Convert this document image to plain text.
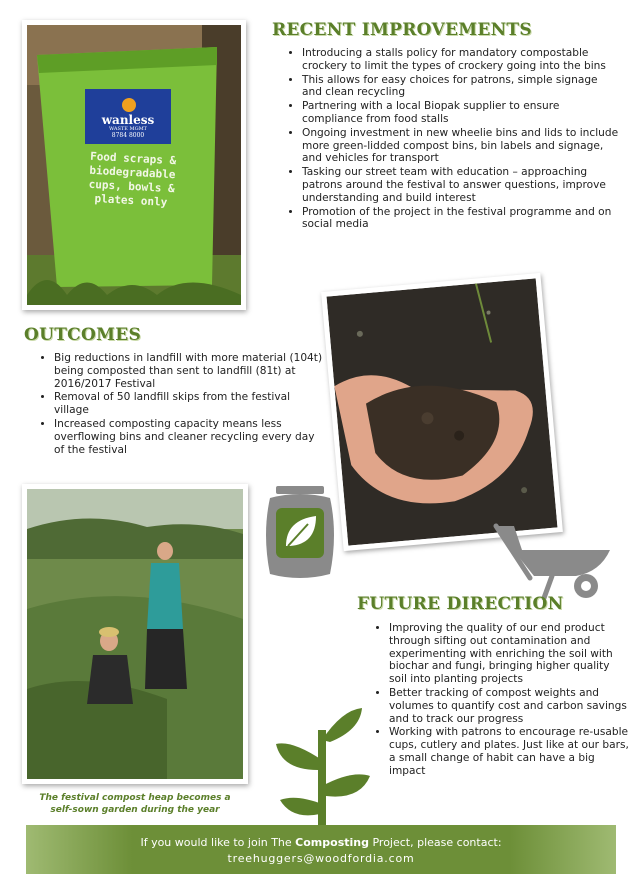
wanless
WASTE MGMT
8784 8000
Food scraps &
biodegradable
cups, bowls &
plates only
RECENT IMPROVEMENTS
• Introducing a stalls policy for mandatory compostable crockery to limit the types of crockery going into the bins
• This allows for easy choices for patrons, simple signage and clean recycling
• Partnering with a local Biopak supplier to ensure compliance from food stalls
• Ongoing investment in new wheelie bins and lids to include more green-lidded compost bins, bin labels and signage, and vehicles for transport
• Tasking our street team with education – approaching patrons around the festival to answer questions, improve understanding and build interest
• Promotion of the project in the festival programme and on social media
OUTCOMES
• Big reductions in landfill with more material (104t) being composted than sent to landfill (81t) at 2016/2017 Festival
• Removal of 50 landfill skips from the festival village
• Increased composting capacity means less overflowing bins and cleaner recycling every day of the festival
The festival compost heap becomes a
self-sown garden during the year
FUTURE DIRECTION
• Improving the quality of our end product through sifting out contamination and experimenting with enriching the soil with biochar and fungi, bringing higher quality soil into planting projects
• Better tracking of compost weights and volumes to quantify cost and carbon savings and to track our progress
• Working with patrons to encourage re-usable cups, cutlery and plates. Just like at our bars, a small change of habit can have a big impact
If you would like to join The Composting Project, please contact:
treehuggers@woodfordia.com
